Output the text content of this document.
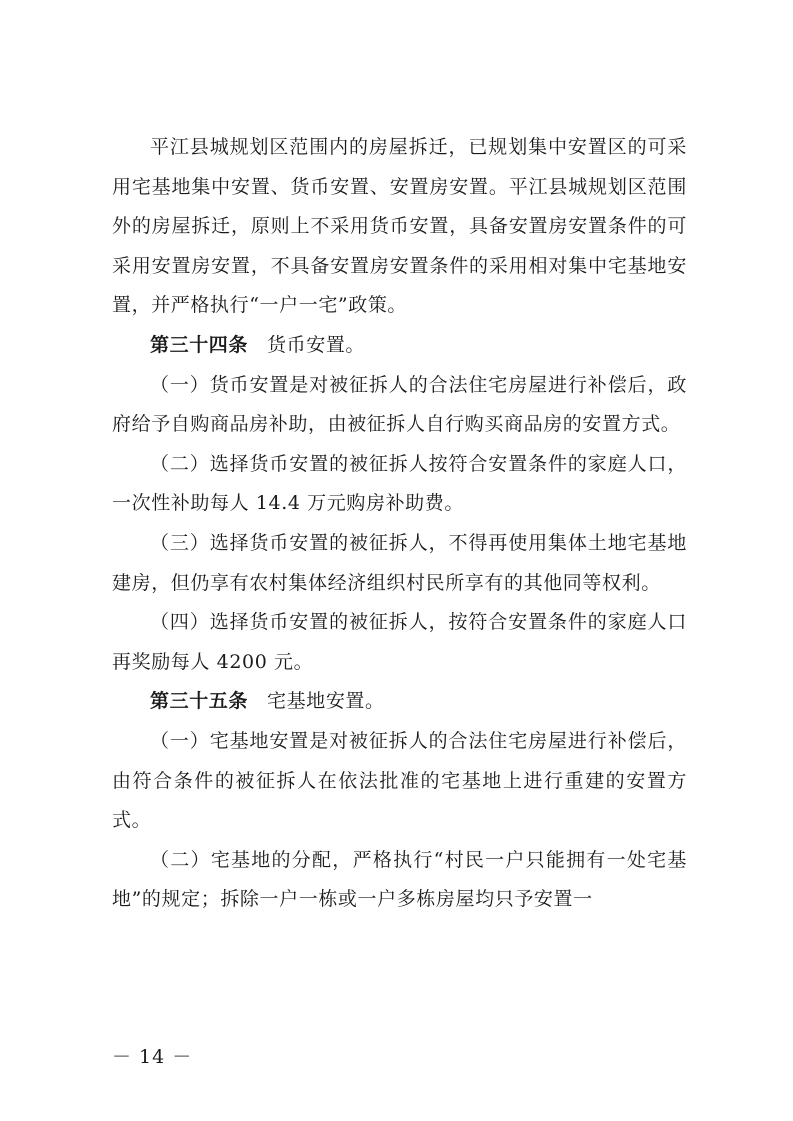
平江县城规划区范围内的房屋拆迁，已规划集中安置区的可采用宅基地集中安置、货币安置、安置房安置。平江县城规划区范围外的房屋拆迁，原则上不采用货币安置，具备安置房安置条件的可采用安置房安置，不具备安置房安置条件的采用相对集中宅基地安置，并严格执行“一户一宅”政策。

第三十四条 货币安置。

（一）货币安置是对被征拆人的合法住宅房屋进行补偿后，政府给予自购商品房补助，由被征拆人自行购买商品房的安置方式。

（二）选择货币安置的被征拆人按符合安置条件的家庭人口，一次性补助每人 14.4 万元购房补助费。

（三）选择货币安置的被征拆人，不得再使用集体土地宅基地建房，但仍享有农村集体经济组织村民所享有的其他同等权利。

（四）选择货币安置的被征拆人，按符合安置条件的家庭人口再奖励每人 4200 元。

第三十五条 宅基地安置。

（一）宅基地安置是对被征拆人的合法住宅房屋进行补偿后，由符合条件的被征拆人在依法批准的宅基地上进行重建的安置方式。

（二）宅基地的分配，严格执行“村民一户只能拥有一处宅基地”的规定；拆除一户一栋或一户多栋房屋均只予安置一

－ 14 －
